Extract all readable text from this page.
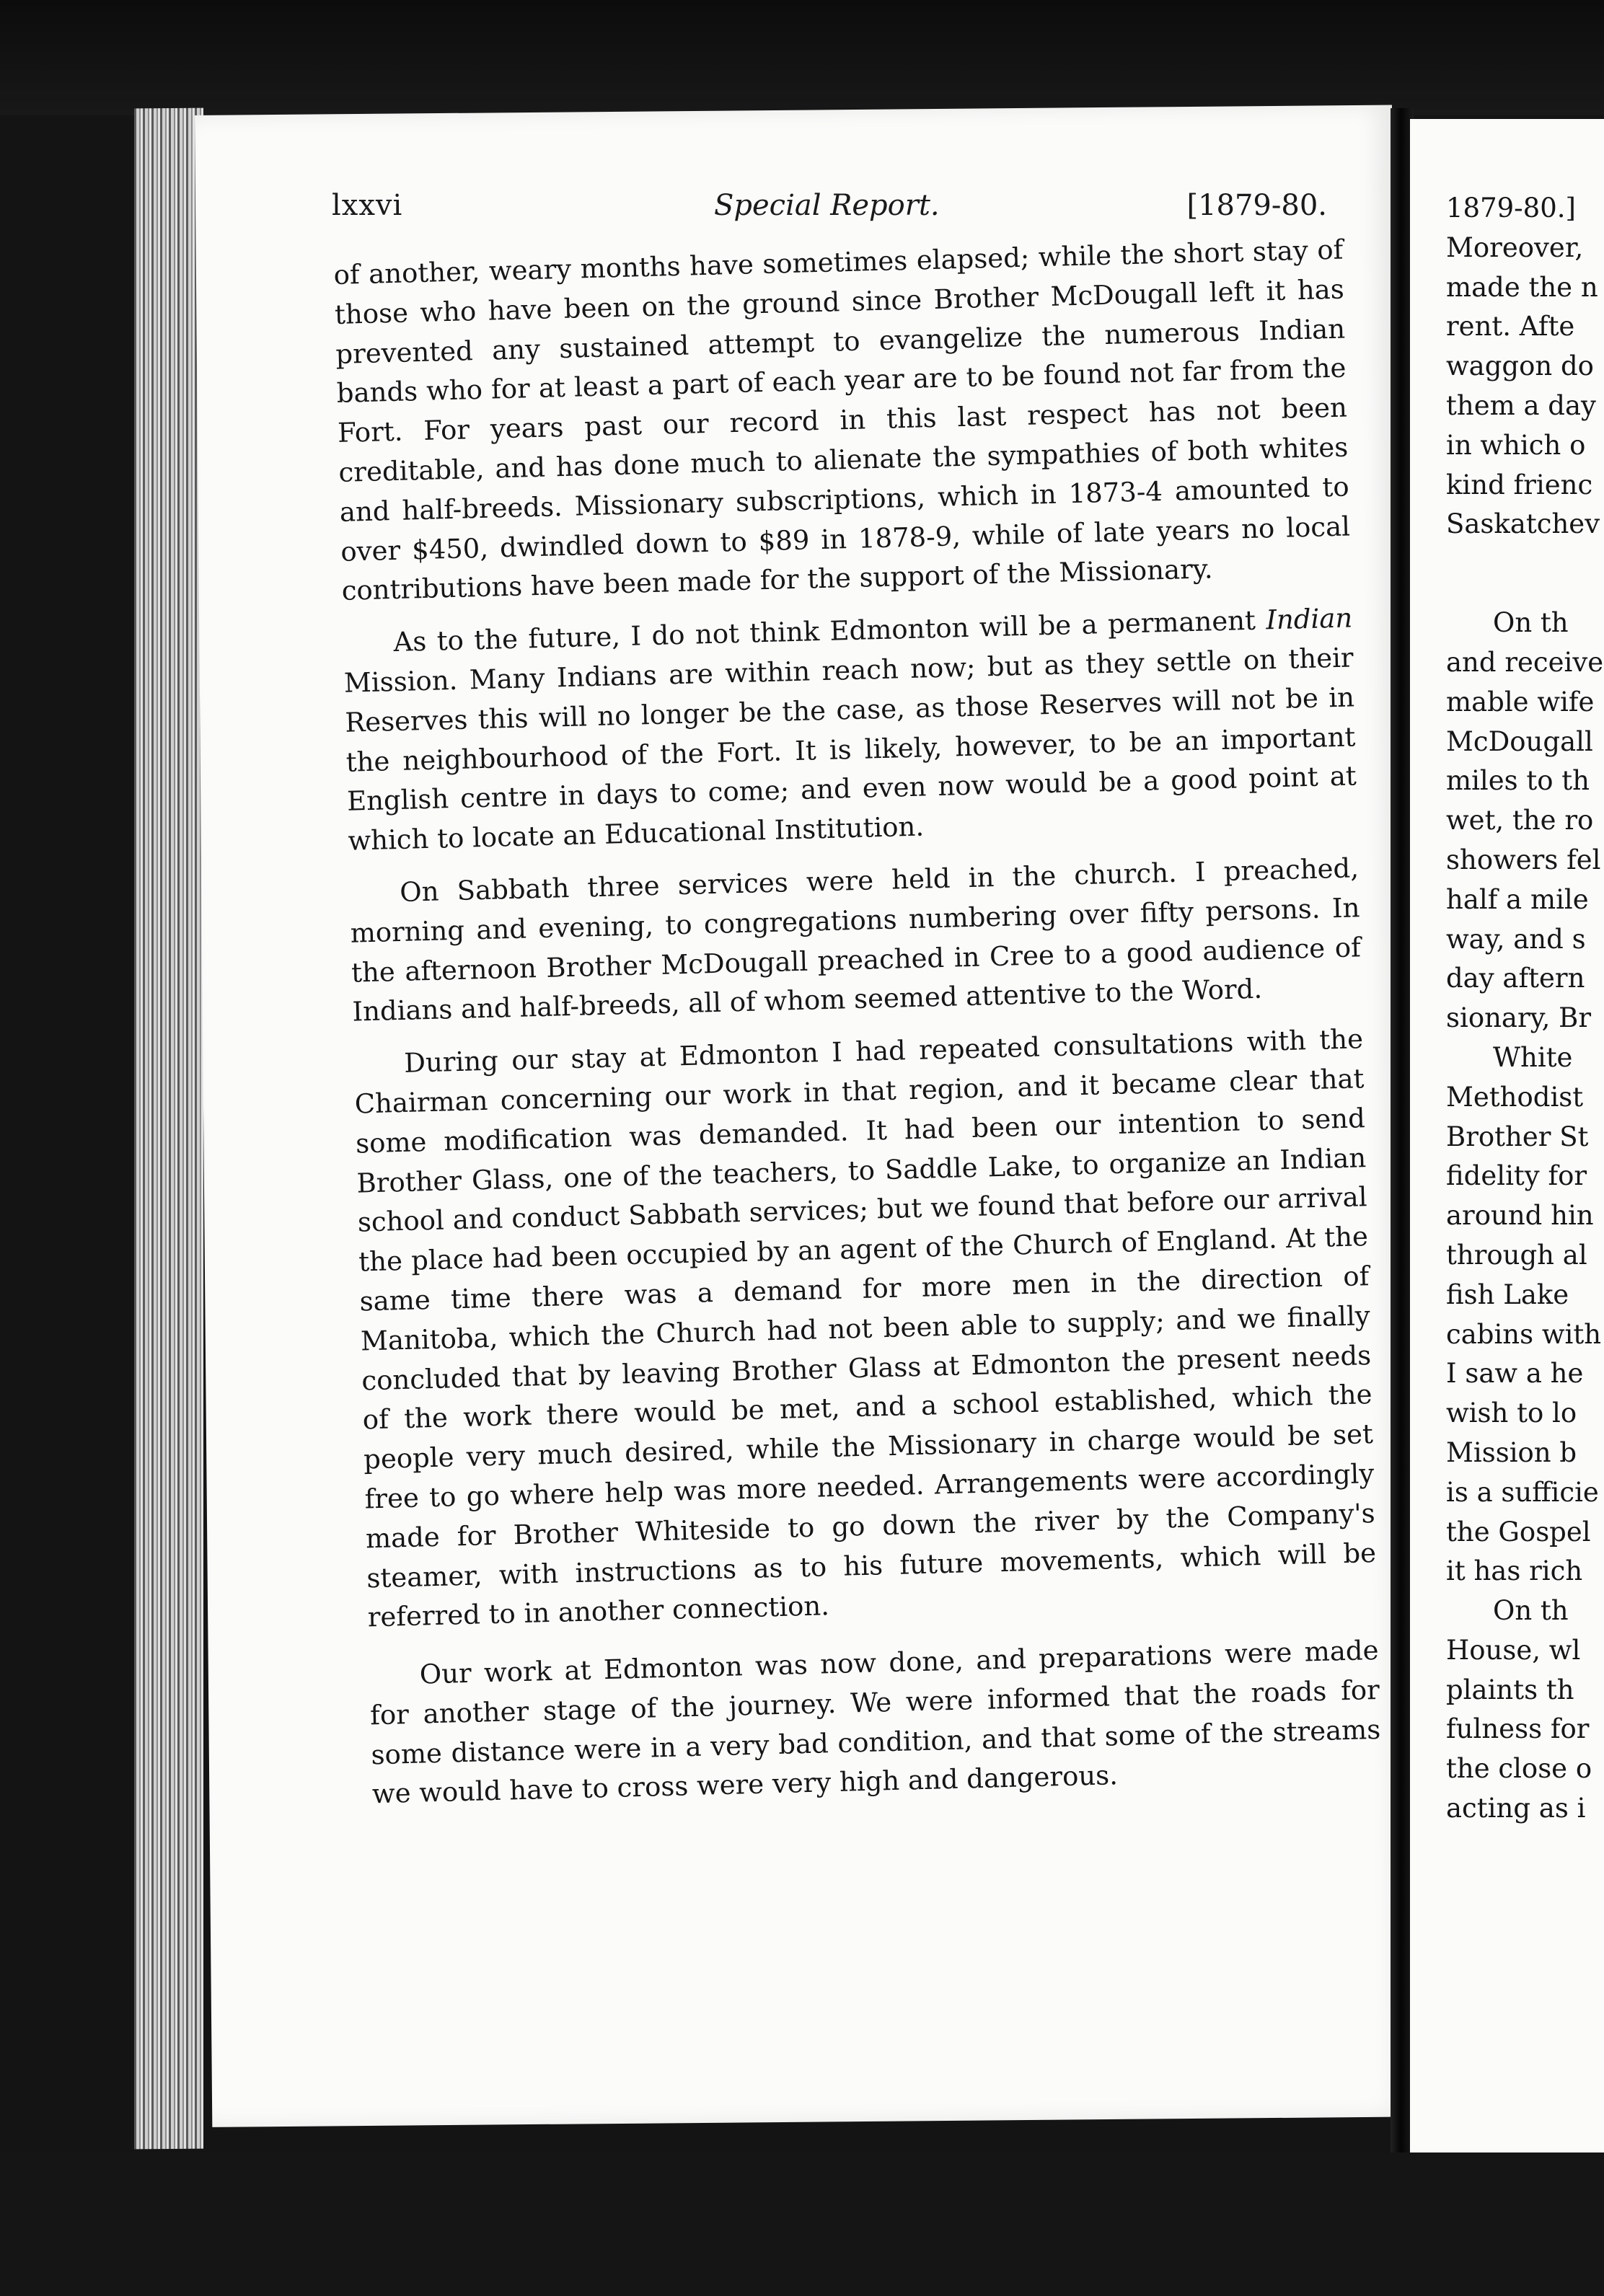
lxxvi	Special Report.	[1879-80.

of another, weary months have sometimes elapsed; while the short stay of those who have been on the ground since Brother McDougall left it has prevented any sustained attempt to evangelize the numerous Indian bands who for at least a part of each year are to be found not far from the Fort. For years past our record in this last respect has not been creditable, and has done much to alienate the sympathies of both whites and half-breeds. Missionary subscriptions, which in 1873-4 amounted to over $450, dwindled down to $89 in 1878-9, while of late years no local contributions have been made for the support of the Missionary.

As to the future, I do not think Edmonton will be a permanent Indian Mission. Many Indians are within reach now; but as they settle on their Reserves this will no longer be the case, as those Reserves will not be in the neighbourhood of the Fort. It is likely, however, to be an important English centre in days to come; and even now would be a good point at which to locate an Educational Institution.

On Sabbath three services were held in the church. I preached, morning and evening, to congregations numbering over fifty persons. In the afternoon Brother McDougall preached in Cree to a good audience of Indians and half-breeds, all of whom seemed attentive to the Word.

During our stay at Edmonton I had repeated consultations with the Chairman concerning our work in that region, and it became clear that some modification was demanded. It had been our intention to send Brother Glass, one of the teachers, to Saddle Lake, to organize an Indian school and conduct Sabbath services; but we found that before our arrival the place had been occupied by an agent of the Church of England. At the same time there was a demand for more men in the direction of Manitoba, which the Church had not been able to supply; and we finally concluded that by leaving Brother Glass at Edmonton the present needs of the work there would be met, and a school established, which the people very much desired, while the Missionary in charge would be set free to go where help was more needed. Arrangements were accordingly made for Brother Whiteside to go down the river by the Company's steamer, with instructions as to his future movements, which will be referred to in another connection.

Our work at Edmonton was now done, and preparations were made for another stage of the journey. We were informed that the roads for some distance were in a very bad condition, and that some of the streams we would have to cross were very high and dangerous.

1879-80.]
Moreover,
made the n
rent. Afte
waggon do
them a day
in which o
kind frienc
Saskatchev
On th
and receive
mable wife
McDougall
miles to th
wet, the ro
showers fel
half a mile
way, and s
day aftern
sionary, Br
White
Methodist
Brother St
fidelity for
around hin
through al
fish Lake
cabins with
I saw a he
wish to lo
Mission b
is a sufficie
the Gospel
it has rich
On th
House, wl
plaints th
fulness for
the close o
acting as i
